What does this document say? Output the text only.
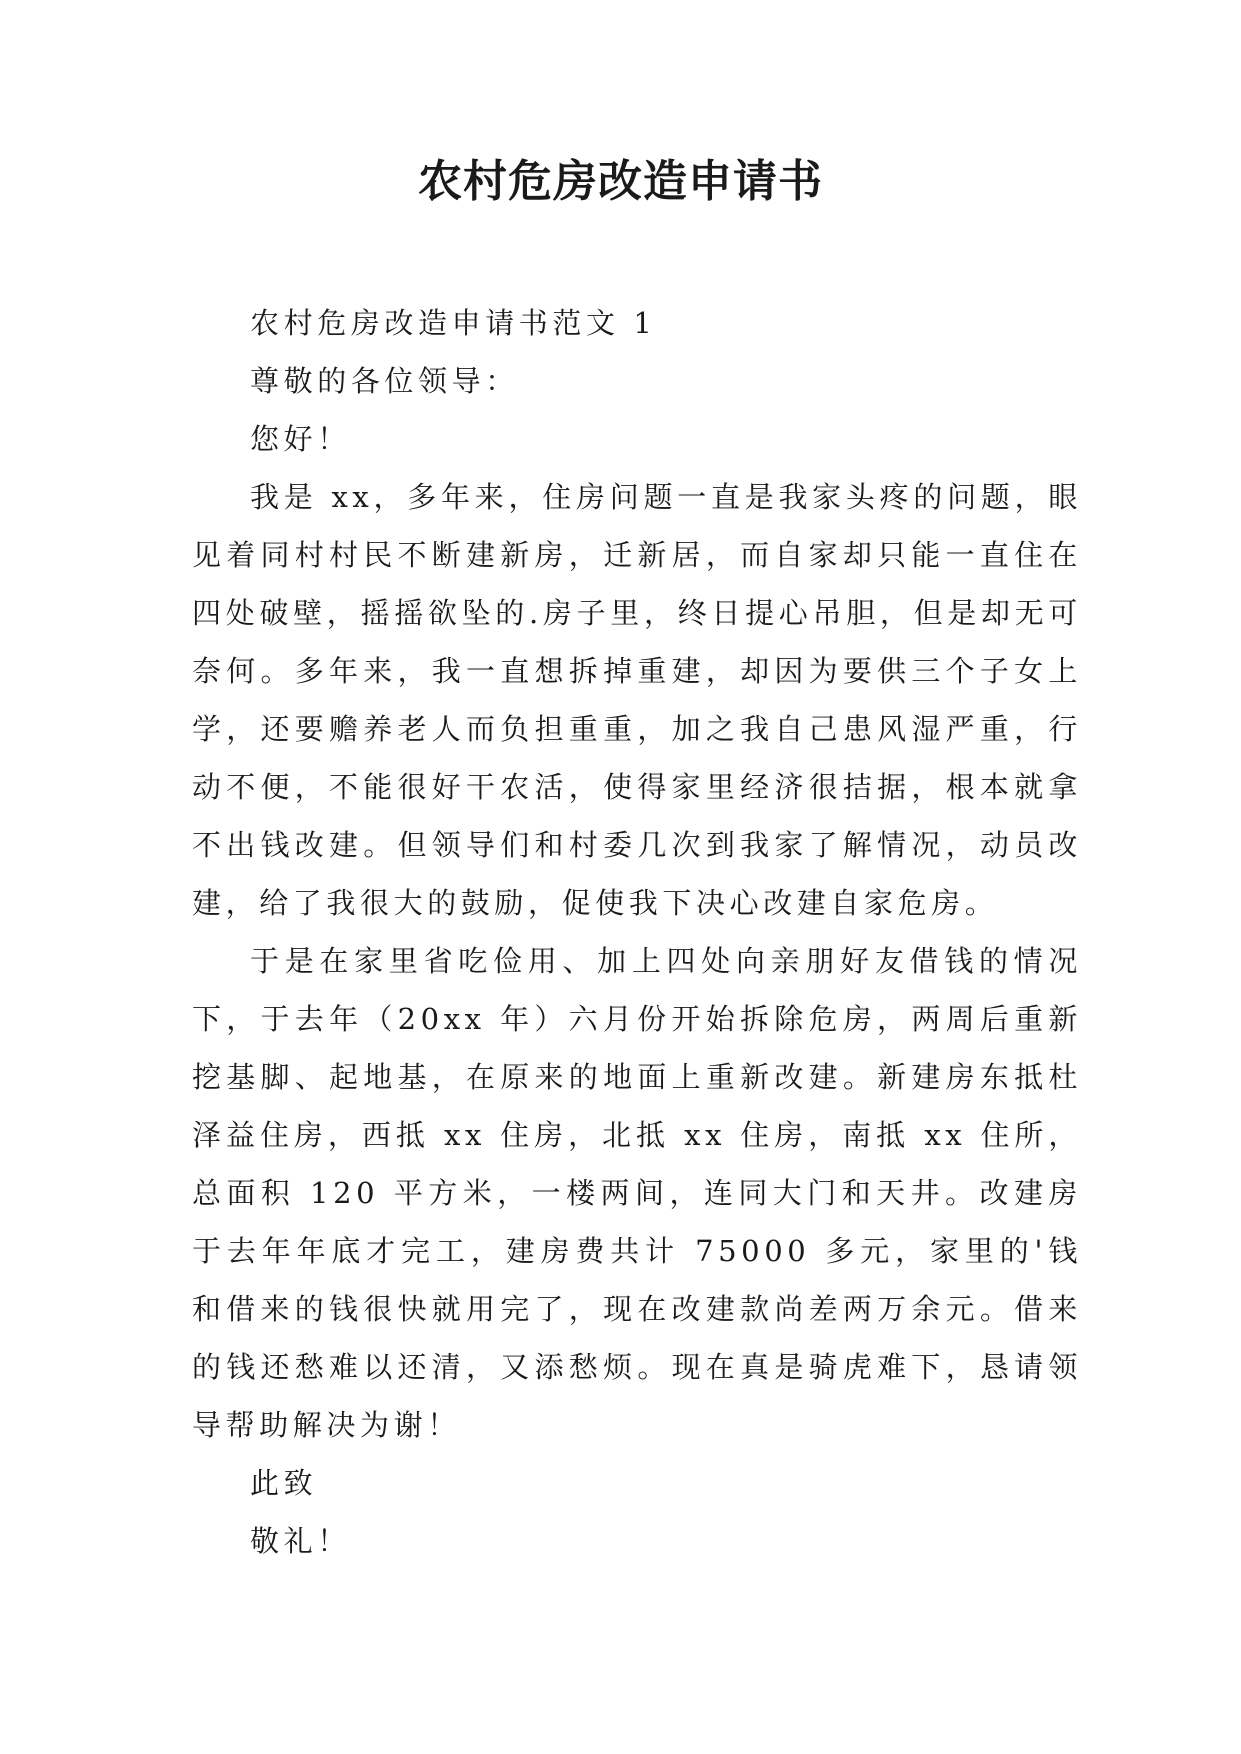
农村危房改造申请书

农村危房改造申请书范文 1

尊敬的各位领导：

您好！

我是 xx，多年来，住房问题一直是我家头疼的问题，眼见着同村村民不断建新房，迁新居，而自家却只能一直住在四处破壁，摇摇欲坠的.房子里，终日提心吊胆，但是却无可奈何。多年来，我一直想拆掉重建，却因为要供三个子女上学，还要赡养老人而负担重重，加之我自己患风湿严重，行动不便，不能很好干农活，使得家里经济很拮据，根本就拿不出钱改建。但领导们和村委几次到我家了解情况，动员改建，给了我很大的鼓励，促使我下决心改建自家危房。

于是在家里省吃俭用、加上四处向亲朋好友借钱的情况下，于去年（20xx 年）六月份开始拆除危房，两周后重新挖基脚、起地基，在原来的地面上重新改建。新建房东抵杜泽益住房，西抵 xx 住房，北抵 xx 住房，南抵 xx 住所，总面积 120 平方米，一楼两间，连同大门和天井。改建房于去年年底才完工，建房费共计 75000 多元，家里的'钱和借来的钱很快就用完了，现在改建款尚差两万余元。借来的钱还愁难以还清，又添愁烦。现在真是骑虎难下，恳请领导帮助解决为谢！

此致

敬礼！
